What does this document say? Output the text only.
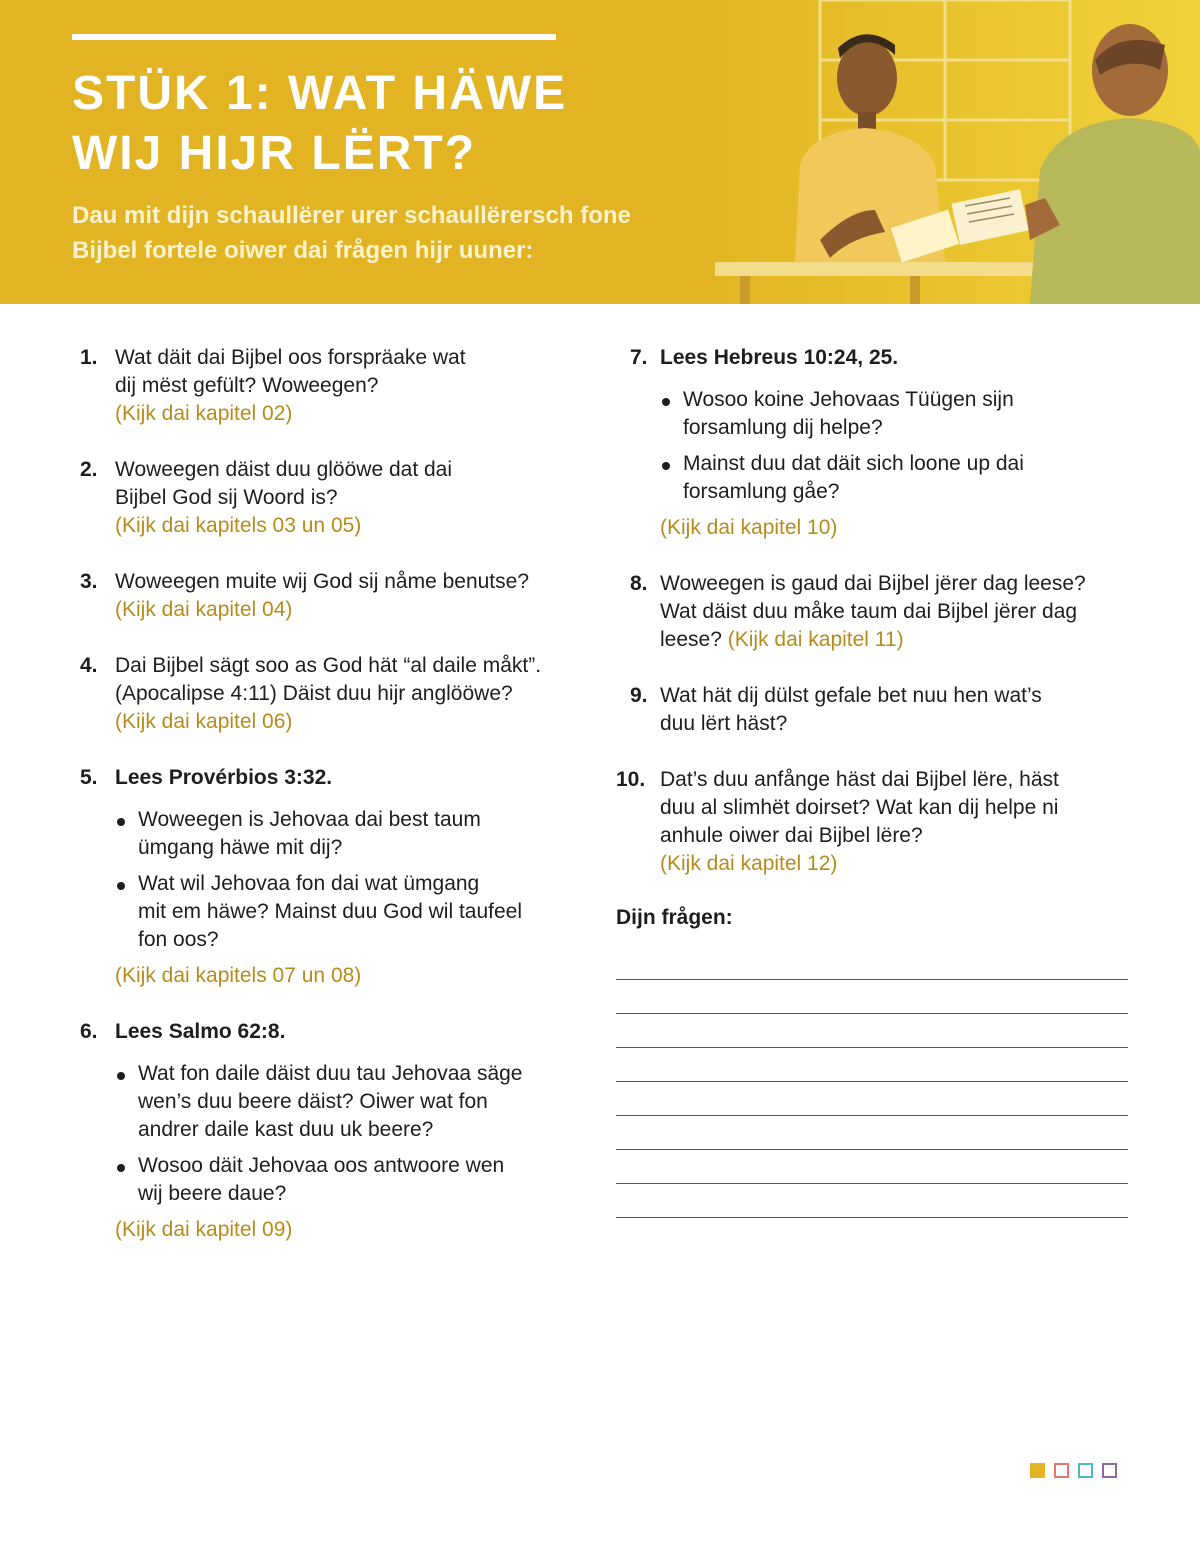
STÜK 1: WAT HÄWE
WIJ HIJR LËRT?

Dau mit dijn schaullërer urer schaullërersch fone
Bijbel fortele oiwer dai frågen hijr uuner:

1. Wat däit dai Bijbel oos forspräake wat
dij mëst gefült? Woweegen?
(Kijk dai kapitel 02)
2. Woweegen däist duu glööwe dat dai
Bijbel God sij Woord is?
(Kijk dai kapitels 03 un 05)
3. Woweegen muite wij God sij nåme benutse?
(Kijk dai kapitel 04)
4. Dai Bijbel sägt soo as God hät “al daile måkt”.
(Apocalipse 4:11) Däist duu hijr anglööwe?
(Kijk dai kapitel 06)
5. Lees Provérbios 3:32.
Woweegen is Jehovaa dai best taum
ümgang häwe mit dij?
Wat wil Jehovaa fon dai wat ümgang
mit em häwe? Mainst duu God wil taufeel
fon oos?
(Kijk dai kapitels 07 un 08)
6. Lees Salmo 62:8.
Wat fon daile däist duu tau Jehovaa säge
wen’s duu beere däist? Oiwer wat fon
andrer daile kast duu uk beere?
Wosoo däit Jehovaa oos antwoore wen
wij beere daue?
(Kijk dai kapitel 09)
7. Lees Hebreus 10:24, 25.
Wosoo koine Jehovaas Tüügen sijn
forsamlung dij helpe?
Mainst duu dat däit sich loone up dai
forsamlung gåe?
(Kijk dai kapitel 10)
8. Woweegen is gaud dai Bijbel jërer dag leese?
Wat däist duu måke taum dai Bijbel jërer dag
leese? (Kijk dai kapitel 11)
9. Wat hät dij dülst gefale bet nuu hen wat’s
duu lërt häst?
10. Dat’s duu anfånge häst dai Bijbel lëre, häst
duu al slimhët doirset? Wat kan dij helpe ni
anhule oiwer dai Bijbel lëre?
(Kijk dai kapitel 12)
Dijn frågen:
